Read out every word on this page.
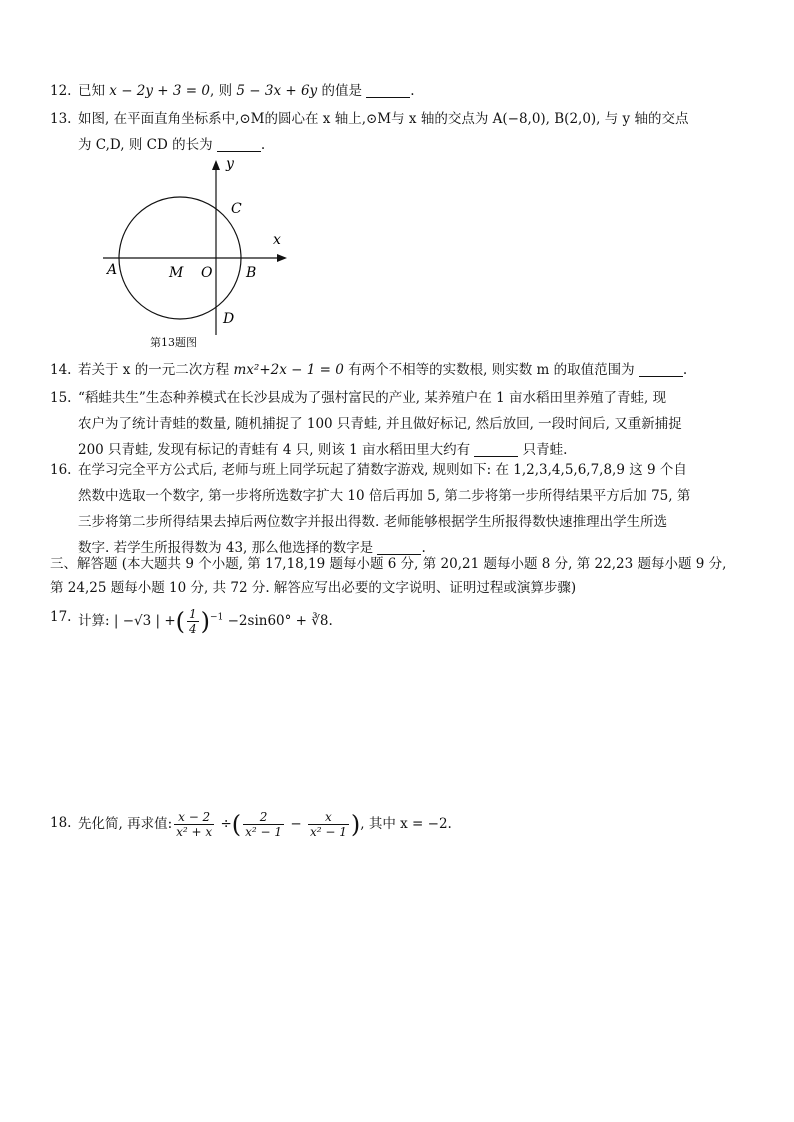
12. 已知 x − 2y + 3 = 0, 则 5 − 3x + 6y 的值是	.
13. 如图, 在平面直角坐标系中,⊙M的圆心在 x 轴上,⊙M与 x 轴的交点为 A(−8,0), B(2,0), 与 y 轴的交点
为 C,D, 则 CD 的长为	.
y
x
A	M O B
C
D
第13题图
14. 若关于 x 的一元二次方程 mx²+2x − 1 = 0 有两个不相等的实数根, 则实数 m 的取值范围为	.
15. “稻蛙共生”生态种养模式在长沙县成为了强村富民的产业, 某养殖户在 1 亩水稻田里养殖了青蛙, 现
农户为了统计青蛙的数量, 随机捕捉了 100 只青蛙, 并且做好标记, 然后放回, 一段时间后, 又重新捕捉
200 只青蛙, 发现有标记的青蛙有 4 只, 则该 1 亩水稻田里大约有	只青蛙.
16. 在学习完全平方公式后, 老师与班上同学玩起了猜数字游戏, 规则如下: 在 1,2,3,4,5,6,7,8,9 这 9 个自
然数中选取一个数字, 第一步将所选数字扩大 10 倍后再加 5, 第二步将第一步所得结果平方后加 75, 第
三步将第二步所得结果去掉后两位数字并报出得数. 老师能够根据学生所报得数快速推理出学生所选
数字. 若学生所报得数为 43, 那么他选择的数字是	.
三、解答题 (本大题共 9 个小题, 第 17,18,19 题每小题 6 分, 第 20,21 题每小题 8 分, 第 22,23 题每小题 9 分,
第 24,25 题每小题 10 分, 共 72 分. 解答应写出必要的文字说明、证明过程或演算步骤)
17. 计算: | −√3 | +( $\frac{1}{4} )^{-1} -2\sin 60^\circ$ + ∛8.
18. 先化简, 再求值: $\frac{x - 2}{\text{x² + x}}$ ÷( $\frac{2}{\text{x² − 1}} - \frac{x}{\text{x² − 1}}$ ), 其中 x = −2.
